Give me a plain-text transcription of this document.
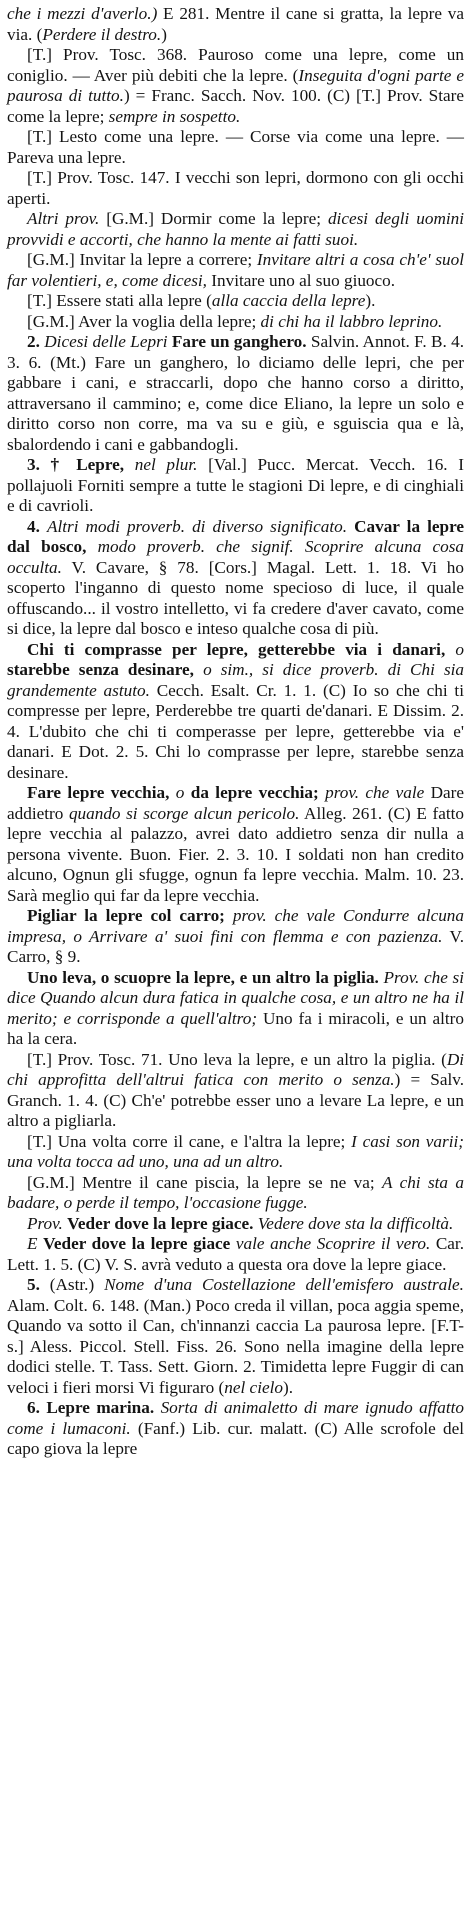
che i mezzi d'averlo.) E 281. Mentre il cane si gratta, la lepre va via. (Perdere il destro.)

[T.] Prov. Tosc. 368. Pauroso come una lepre, come un coniglio. — Aver più debiti che la lepre. (Inseguita d'ogni parte e paurosa di tutto.) = Franc. Sacch. Nov. 100. (C) [T.] Prov. Stare come la lepre; sempre in sospetto.

[T.] Lesto come una lepre. — Corse via come una lepre. — Pareva una lepre.

[T.] Prov. Tosc. 147. I vecchi son lepri, dormono con gli occhi aperti.

Altri prov. [G.M.] Dormir come la lepre; dicesi degli uomini provvidi e accorti, che hanno la mente ai fatti suoi.

[G.M.] Invitar la lepre a correre; Invitare altri a cosa ch'e' suol far volentieri, e, come dicesi, Invitare uno al suo giuoco.

[T.] Essere stati alla lepre (alla caccia della lepre).

[G.M.] Aver la voglia della lepre; di chi ha il labbro leprino.

2. Dicesi delle Lepri Fare un ganghero. Salvin. Annot. F. B. 4. 3. 6. (Mt.) Fare un ganghero, lo diciamo delle lepri, che per gabbare i cani, e straccarli, dopo che hanno corso a diritto, attraversano il cammino; e, come dice Eliano, la lepre un solo e diritto corso non corre, ma va su e giù, e sguiscia qua e là, sbalordendo i cani e gabbandogli.

3. † Lepre, nel plur. [Val.] Pucc. Mercat. Vecch. 16. I pollajuoli Forniti sempre a tutte le stagioni Di lepre, e di cinghiali e di cavrioli.

4. Altri modi proverb. di diverso significato. Cavar la lepre dal bosco, modo proverb. che signif. Scoprire alcuna cosa occulta. V. Cavare, § 78. [Cors.] Magal. Lett. 1. 18. Vi ho scoperto l'inganno di questo nome specioso di luce, il quale offuscando... il vostro intelletto, vi fa credere d'aver cavato, come si dice, la lepre dal bosco e inteso qualche cosa di più.

Chi ti comprasse per lepre, getterebbe via i danari, o starebbe senza desinare, o sim., si dice proverb. di Chi sia grandemente astuto. Cecch. Esalt. Cr. 1. 1. (C) Io so che chi ti compresse per lepre, Perderebbe tre quarti de'danari. E Dissim. 2. 4. L'dubito che chi ti comperasse per lepre, getterebbe via e' danari. E Dot. 2. 5. Chi lo comprasse per lepre, starebbe senza desinare.

Fare lepre vecchia, o da lepre vecchia; prov. che vale Dare addietro quando si scorge alcun pericolo. Alleg. 261. (C) E fatto lepre vecchia al palazzo, avrei dato addietro senza dir nulla a persona vivente. Buon. Fier. 2. 3. 10. I soldati non han credito alcuno, Ognun gli sfugge, ognun fa lepre vecchia. Malm. 10. 23. Sarà meglio qui far da lepre vecchia.

Pigliar la lepre col carro; prov. che vale Condurre alcuna impresa, o Arrivare a' suoi fini con flemma e con pazienza. V. Carro, § 9.

Uno leva, o scuopre la lepre, e un altro la piglia. Prov. che si dice Quando alcun dura fatica in qualche cosa, e un altro ne ha il merito; e corrisponde a quell'altro; Uno fa i miracoli, e un altro ha la cera.

[T.] Prov. Tosc. 71. Uno leva la lepre, e un altro la piglia. (Di chi approfitta dell'altrui fatica con merito o senza.) = Salv. Granch. 1. 4. (C) Ch'e' potrebbe esser uno a levare La lepre, e un altro a pigliarla.

[T.] Una volta corre il cane, e l'altra la lepre; I casi son varii; una volta tocca ad uno, una ad un altro.

[G.M.] Mentre il cane piscia, la lepre se ne va; A chi sta a badare, o perde il tempo, l'occasione fugge.

Prov. Veder dove la lepre giace. Vedere dove sta la difficoltà.

E Veder dove la lepre giace vale anche Scoprire il vero. Car. Lett. 1. 5. (C) V. S. avrà veduto a questa ora dove la lepre giace.

5. (Astr.) Nome d'una Costellazione dell'emisfero australe. Alam. Colt. 6. 148. (Man.) Poco creda il villan, poca aggia speme, Quando va sotto il Can, ch'innanzi caccia La paurosa lepre. [F.T-s.] Aless. Piccol. Stell. Fiss. 26. Sono nella imagine della lepre dodici stelle. T. Tass. Sett. Giorn. 2. Timidetta lepre Fuggir di can veloci i fieri morsi Vi figuraro (nel cielo).

6. Lepre marina. Sorta di animaletto di mare ignudo affatto come i lumaconi. (Fanf.) Lib. cur. malatt. (C) Alle scrofole del capo giova la lepre
